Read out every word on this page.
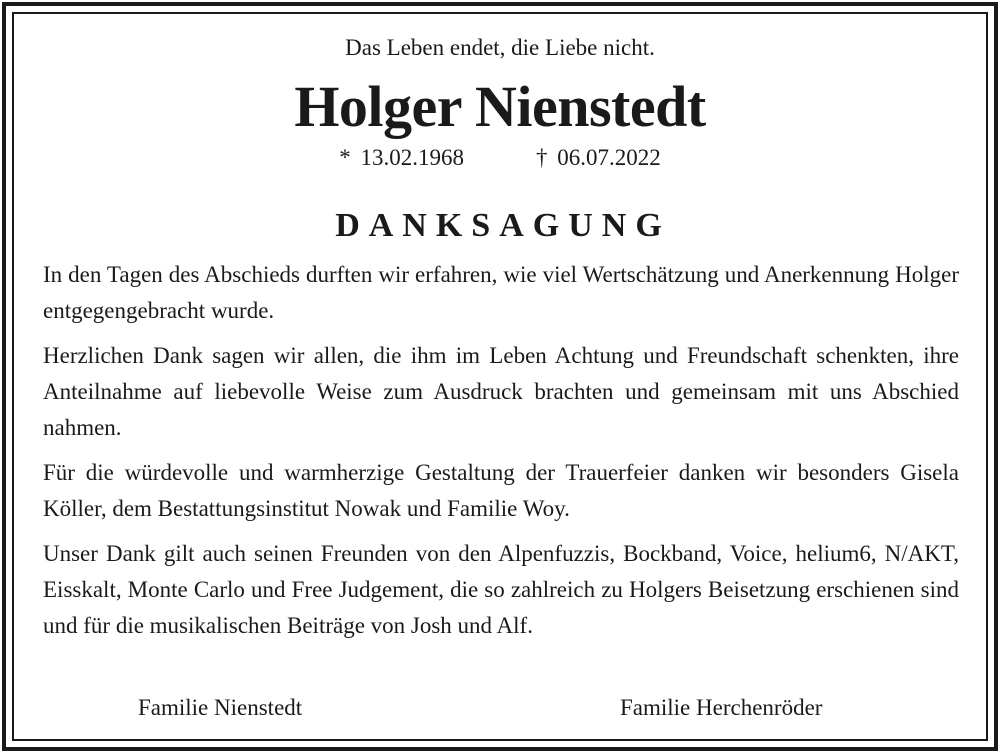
Das Leben endet, die Liebe nicht.
Holger Nienstedt
* 13.02.1968	† 06.07.2022
DANKSAGUNG

In den Tagen des Abschieds durften wir erfahren, wie viel Wertschätzung und Anerkennung Holger entgegengebracht wurde.

Herzlichen Dank sagen wir allen, die ihm im Leben Achtung und Freundschaft schenkten, ihre Anteilnahme auf liebevolle Weise zum Ausdruck brachten und gemeinsam mit uns Abschied nahmen.

Für die würdevolle und warmherzige Gestaltung der Trauerfeier danken wir besonders Gisela Köller, dem Bestattungsinstitut Nowak und Familie Woy.

Unser Dank gilt auch seinen Freunden von den Alpenfuzzis, Bockband, Voice, helium6, N/AKT, Eisskalt, Monte Carlo und Free Judgement, die so zahlreich zu Holgers Beisetzung erschienen sind und für die musikalischen Beiträge von Josh und Alf.

Familie Nienstedt	Familie Herchenröder
